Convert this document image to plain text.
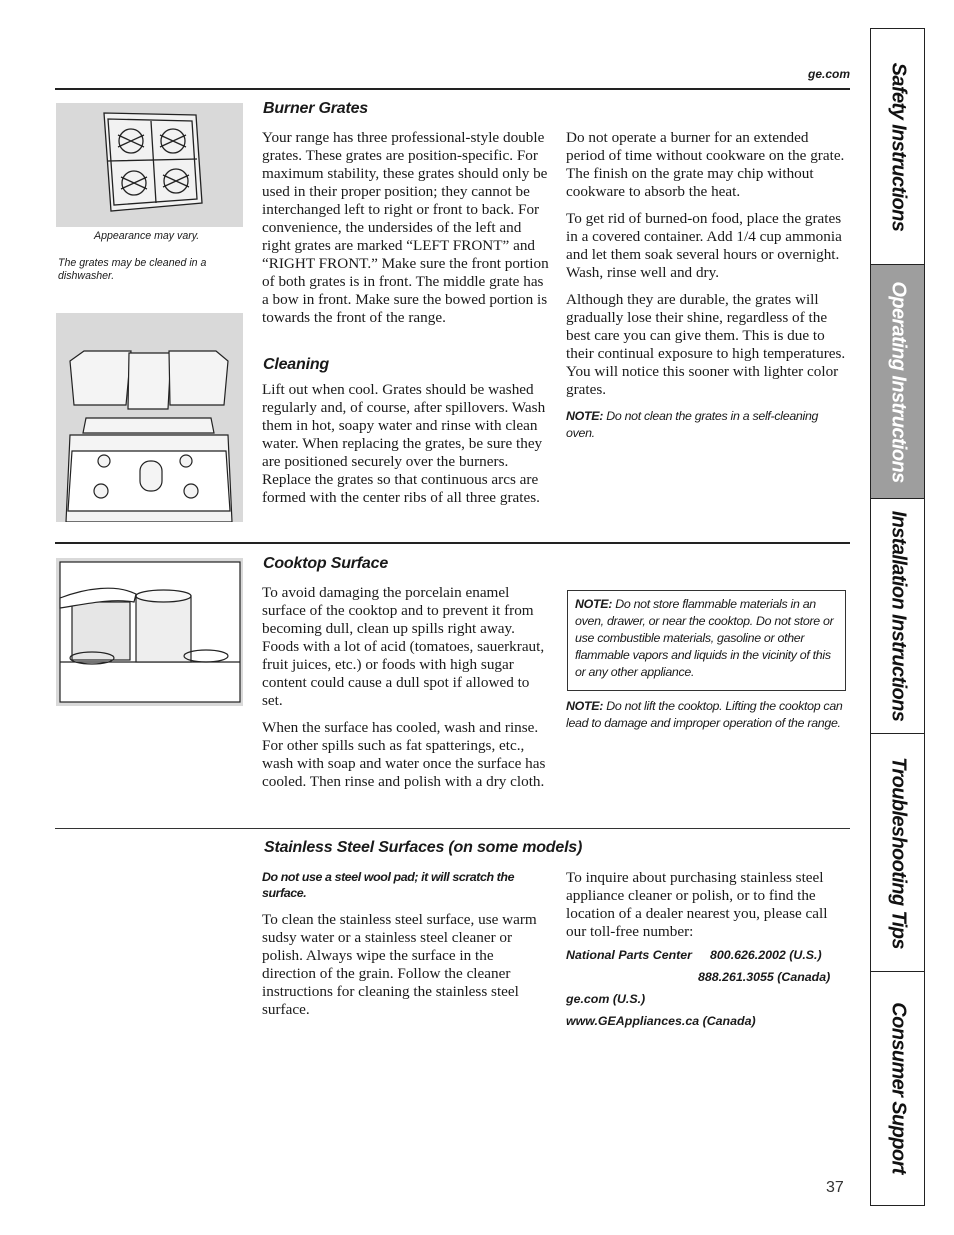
ge.com
Appearance may vary.
The grates may be cleaned in a dishwasher.
Burner Grates

Your range has three professional-style double grates. These grates are position-specific. For maximum stability, these grates should only be used in their proper position; they cannot be interchanged left to right or front to back. For convenience, the undersides of the left and right grates are marked “LEFT FRONT” and “RIGHT FRONT.” Make sure the front portion of both grates is in front. The middle grate has a bow in front. Make sure the bowed portion is towards the front of the range.

Cleaning

Lift out when cool. Grates should be washed regularly and, of course, after spillovers. Wash them in hot, soapy water and rinse with clean water. When replacing the grates, be sure they are positioned securely over the burners. Replace the grates so that continuous arcs are formed with the center ribs of all three grates.

Do not operate a burner for an extended period of time without cookware on the grate. The finish on the grate may chip without cookware to absorb the heat.

To get rid of burned-on food, place the grates in a covered container. Add 1/4 cup ammonia and let them soak several hours or overnight. Wash, rinse well and dry.

Although they are durable, the grates will gradually lose their shine, regardless of the best care you can give them. This is due to their continual exposure to high temperatures. You will notice this sooner with lighter color grates.

NOTE: Do not clean the grates in a self-cleaning oven.
Cooktop Surface

To avoid damaging the porcelain enamel surface of the cooktop and to prevent it from becoming dull, clean up spills right away. Foods with a lot of acid (tomatoes, sauerkraut, fruit juices, etc.) or foods with high sugar content could cause a dull spot if allowed to set.

When the surface has cooled, wash and rinse. For other spills such as fat spatterings, etc., wash with soap and water once the surface has cooled. Then rinse and polish with a dry cloth.

NOTE: Do not store flammable materials in an oven, drawer, or near the cooktop. Do not store or use combustible materials, gasoline or other flammable vapors and liquids in the vicinity of this or any other appliance.
NOTE: Do not lift the cooktop. Lifting the cooktop can lead to damage and improper operation of the range.
Stainless Steel Surfaces (on some models)
Do not use a steel wool pad; it will scratch the surface.
To clean the stainless steel surface, use warm sudsy water or a stainless steel cleaner or polish. Always wipe the surface in the direction of the grain. Follow the cleaner instructions for cleaning the stainless steel surface.
To inquire about purchasing stainless steel appliance cleaner or polish, or to find the location of a dealer nearest you, please call our toll-free number:
National Parts Center 800.626.2002 (U.S.)
888.261.3055 (Canada)
ge.com (U.S.)
www.GEAppliances.ca (Canada)
Safety Instructions
Operating Instructions
Installation Instructions
Troubleshooting Tips
Consumer Support
37
